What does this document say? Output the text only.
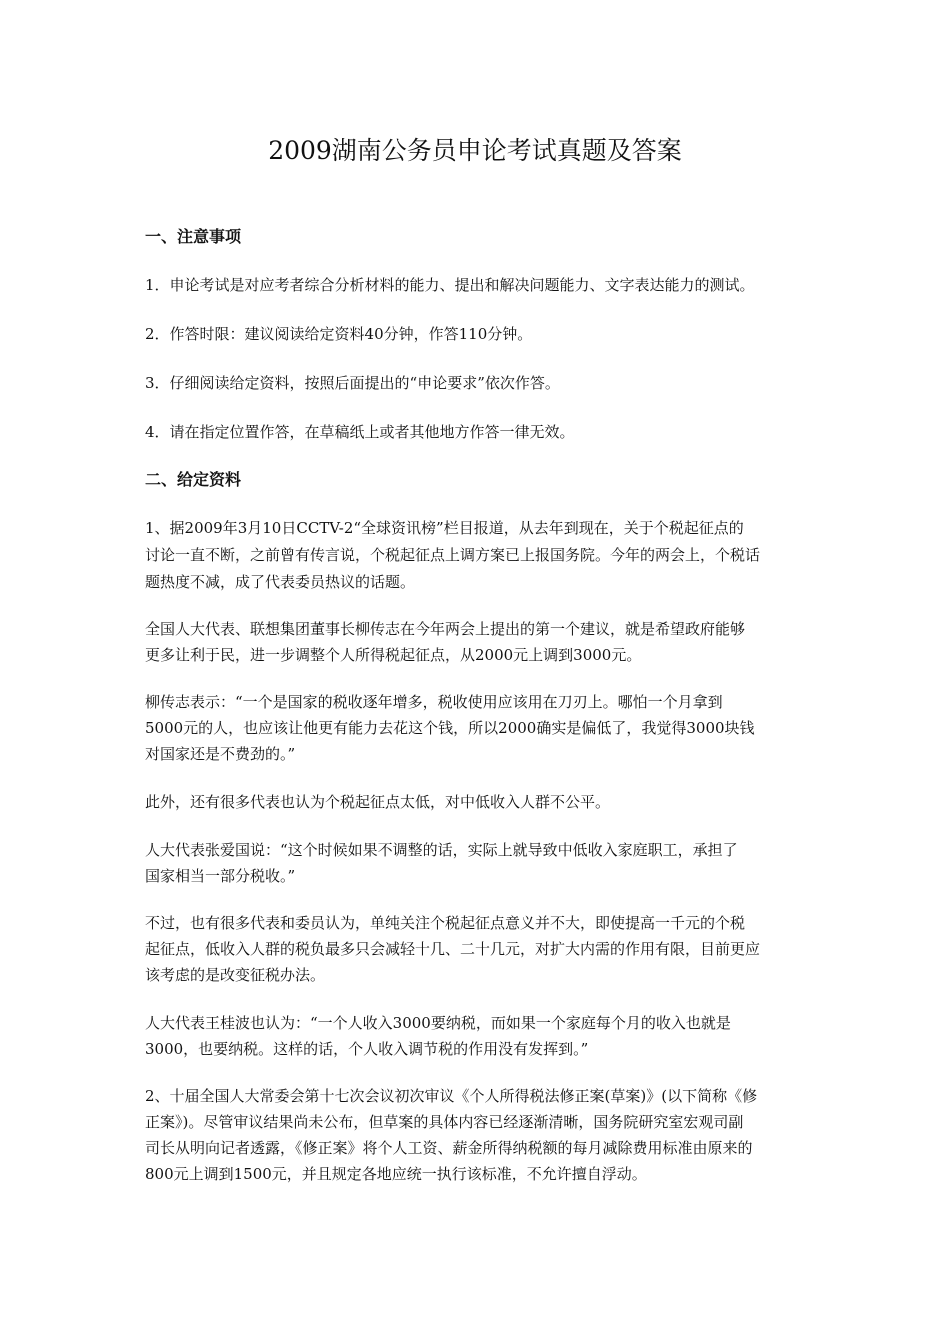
2009湖南公务员申论考试真题及答案
一、注意事项

1．申论考试是对应考者综合分析材料的能力、提出和解决问题能力、文字表达能力的测试。

2．作答时限：建议阅读给定资料40分钟，作答110分钟。

3．仔细阅读给定资料，按照后面提出的“申论要求”依次作答。

4．请在指定位置作答，在草稿纸上或者其他地方作答一律无效。

二、给定资料

1、据2009年3月10日CCTV-2“全球资讯榜”栏目报道，从去年到现在，关于个税起征点的

讨论一直不断，之前曾有传言说，个税起征点上调方案已上报国务院。今年的两会上，个税话

题热度不减，成了代表委员热议的话题。

全国人大代表、联想集团董事长柳传志在今年两会上提出的第一个建议，就是希望政府能够

更多让利于民，进一步调整个人所得税起征点，从2000元上调到3000元。

柳传志表示：“一个是国家的税收逐年增多，税收使用应该用在刀刃上。哪怕一个月拿到

5000元的人，也应该让他更有能力去花这个钱，所以2000确实是偏低了，我觉得3000块钱

对国家还是不费劲的。”

此外，还有很多代表也认为个税起征点太低，对中低收入人群不公平。

人大代表张爱国说：“这个时候如果不调整的话，实际上就导致中低收入家庭职工，承担了

国家相当一部分税收。”

不过，也有很多代表和委员认为，单纯关注个税起征点意义并不大，即使提高一千元的个税

起征点，低收入人群的税负最多只会减轻十几、二十几元，对扩大内需的作用有限，目前更应

该考虑的是改变征税办法。

人大代表王桂波也认为：“一个人收入3000要纳税，而如果一个家庭每个月的收入也就是

3000，也要纳税。这样的话，个人收入调节税的作用没有发挥到。”

2、十届全国人大常委会第十七次会议初次审议《个人所得税法修正案(草案)》(以下简称《修

正案》)。尽管审议结果尚未公布，但草案的具体内容已经逐渐清晰，国务院研究室宏观司副

司长从明向记者透露，《修正案》将个人工资、薪金所得纳税额的每月减除费用标准由原来的

800元上调到1500元，并且规定各地应统一执行该标准，不允许擅自浮动。
